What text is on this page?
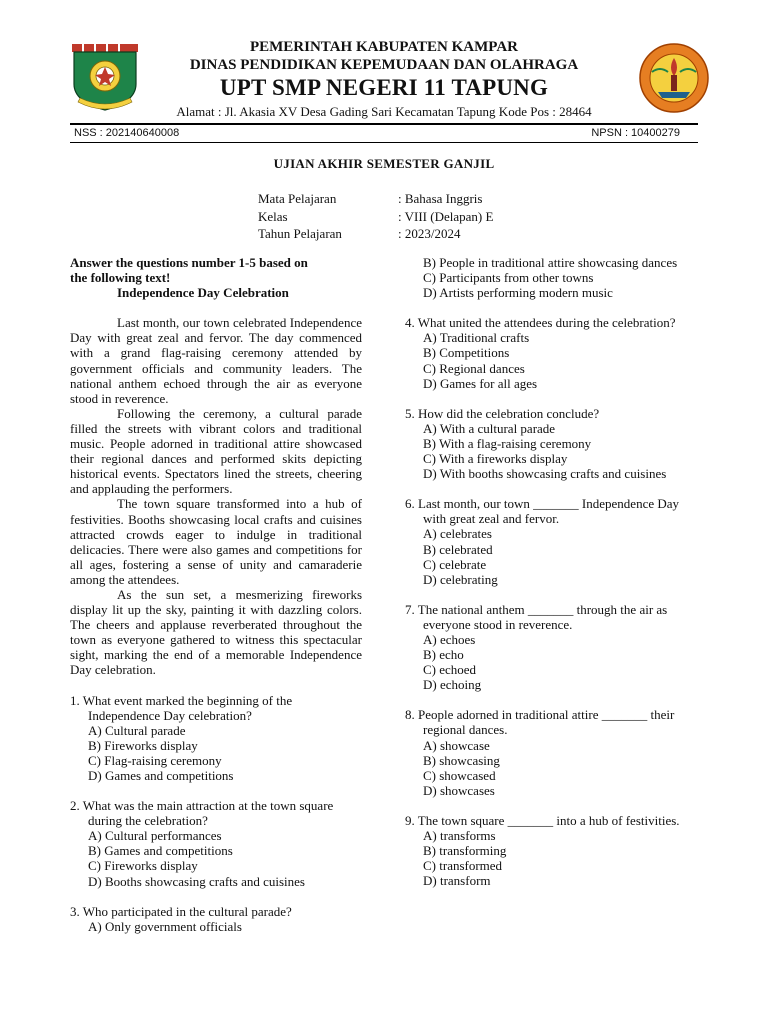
PEMERINTAH KABUPATEN KAMPAR
DINAS PENDIDIKAN KEPEMUDAAN DAN OLAHRAGA
UPT SMP NEGERI 11 TAPUNG
Alamat : Jl. Akasia XV Desa Gading Sari Kecamatan Tapung Kode Pos : 28464
NSS : 202140640008	NPSN : 10400279
UJIAN AKHIR SEMESTER GANJIL
Mata Pelajaran	: Bahasa Inggris
Kelas	: VIII (Delapan) E
Tahun Pelajaran	: 2023/2024
Answer the questions number 1-5 based on
the following text!
Independence Day Celebration
Last month, our town celebrated Independence Day with great zeal and fervor. The day commenced with a grand flag-raising ceremony attended by government officials and community leaders. The national anthem echoed through the air as everyone stood in reverence.
Following the ceremony, a cultural parade filled the streets with vibrant colors and traditional music. People adorned in traditional attire showcased their regional dances and performed skits depicting historical events. Spectators lined the streets, cheering and applauding the performers.
The town square transformed into a hub of festivities. Booths showcasing local crafts and cuisines attracted crowds eager to indulge in traditional delicacies. There were also games and competitions for all ages, fostering a sense of unity and camaraderie among the attendees.
As the sun set, a mesmerizing fireworks display lit up the sky, painting it with dazzling colors. The cheers and applause reverberated throughout the town as everyone gathered to witness this spectacular sight, marking the end of a memorable Independence Day celebration.
1. What event marked the beginning of the Independence Day celebration?
A) Cultural parade
B) Fireworks display
C) Flag-raising ceremony
D) Games and competitions
2. What was the main attraction at the town square during the celebration?
A) Cultural performances
B) Games and competitions
C) Fireworks display
D) Booths showcasing crafts and cuisines
3. Who participated in the cultural parade?
A) Only government officials
B) People in traditional attire showcasing dances
C) Participants from other towns
D) Artists performing modern music
4. What united the attendees during the celebration?
A) Traditional crafts
B) Competitions
C) Regional dances
D) Games for all ages
5. How did the celebration conclude?
A) With a cultural parade
B) With a flag-raising ceremony
C) With a fireworks display
D) With booths showcasing crafts and cuisines
6. Last month, our town _______ Independence Day with great zeal and fervor.
A) celebrates
B) celebrated
C) celebrate
D) celebrating
7. The national anthem _______ through the air as everyone stood in reverence.
A) echoes
B) echo
C) echoed
D) echoing
8. People adorned in traditional attire _______ their regional dances.
A) showcase
B) showcasing
C) showcased
D) showcases
9. The town square _______ into a hub of festivities.
A) transforms
B) transforming
C) transformed
D) transform
